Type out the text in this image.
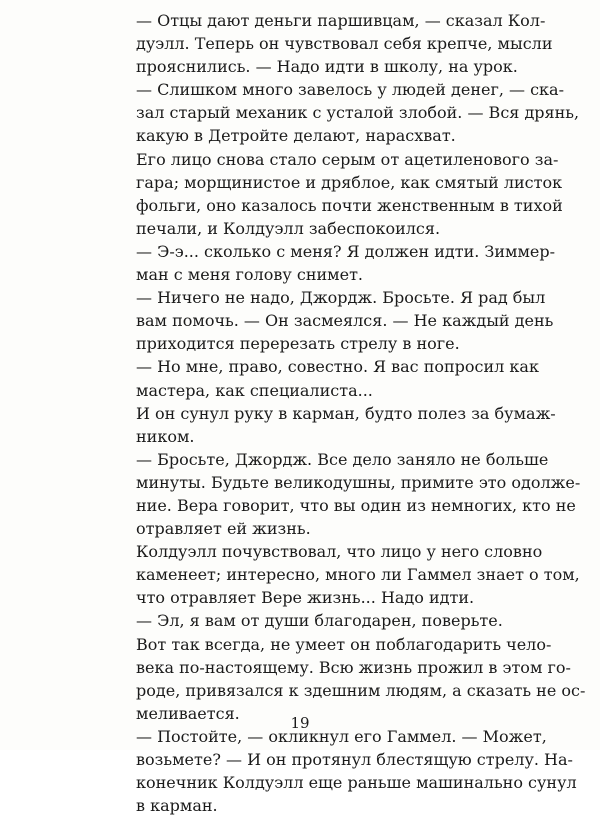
— Отцы дают деньги паршивцам, — сказал Кол-
дуэлл. Теперь он чувствовал себя крепче, мысли
прояснились. — Надо идти в школу, на урок.

— Слишком много завелось у людей денег, — ска-
зал старый механик с усталой злобой. — Вся дрянь,
какую в Детройте делают, нарасхват.

Его лицо снова стало серым от ацетиленового за-
гара; морщинистое и дряблое, как смятый листок
фольги, оно казалось почти женственным в тихой
печали, и Колдуэлл забеспокоился.

— Э-э... сколько с меня? Я должен идти. Зиммер-
ман с меня голову снимет.

— Ничего не надо, Джордж. Бросьте. Я рад был
вам помочь. — Он засмеялся. — Не каждый день
приходится перерезать стрелу в ноге.

— Но мне, право, совестно. Я вас попросил как
мастера, как специалиста...

И он сунул руку в карман, будто полез за бумаж-
ником.

— Бросьте, Джордж. Все дело заняло не больше
минуты. Будьте великодушны, примите это одолже-
ние. Вера говорит, что вы один из немногих, кто не
отравляет ей жизнь.

Колдуэлл почувствовал, что лицо у него словно
каменеет; интересно, много ли Гаммел знает о том,
что отравляет Вере жизнь... Надо идти.

— Эл, я вам от души благодарен, поверьте.

Вот так всегда, не умеет он поблагодарить чело-
века по-настоящему. Всю жизнь прожил в этом го-
роде, привязался к здешним людям, а сказать не ос-
меливается.

— Постойте, — окликнул его Гаммел. — Может,
возьмете? — И он протянул блестящую стрелу. На-
конечник Колдуэлл еще раньше машинально сунул
в карман.

19
